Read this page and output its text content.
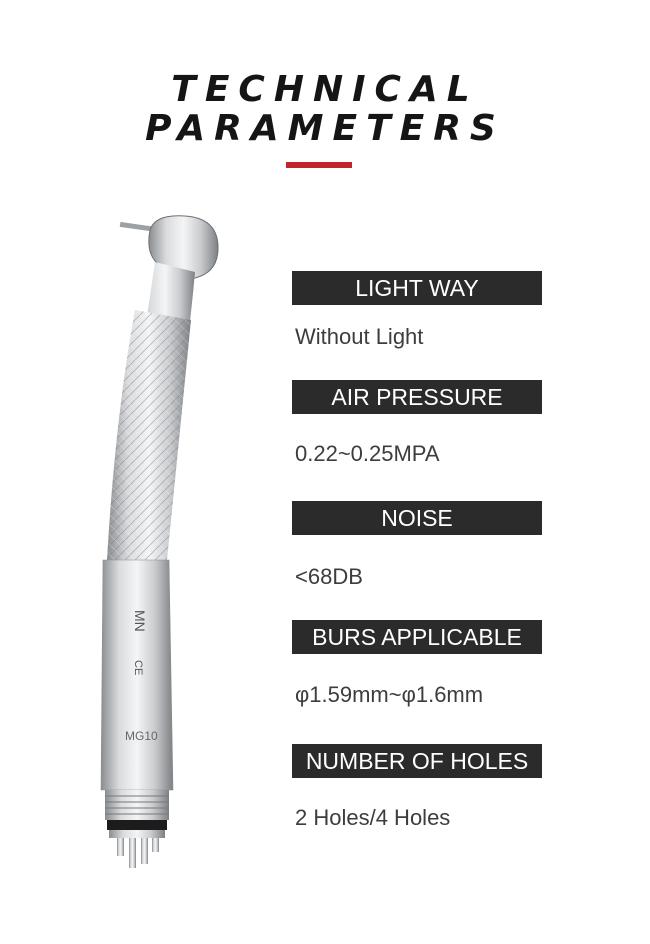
TECHNICAL
PARAMETERS
MN
CE
MG10
LIGHT WAY
Without Light
AIR PRESSURE
0.22~0.25MPA
NOISE
<68DB
BURS APPLICABLE
φ1.59mm~φ1.6mm
NUMBER OF HOLES
2 Holes/4 Holes
